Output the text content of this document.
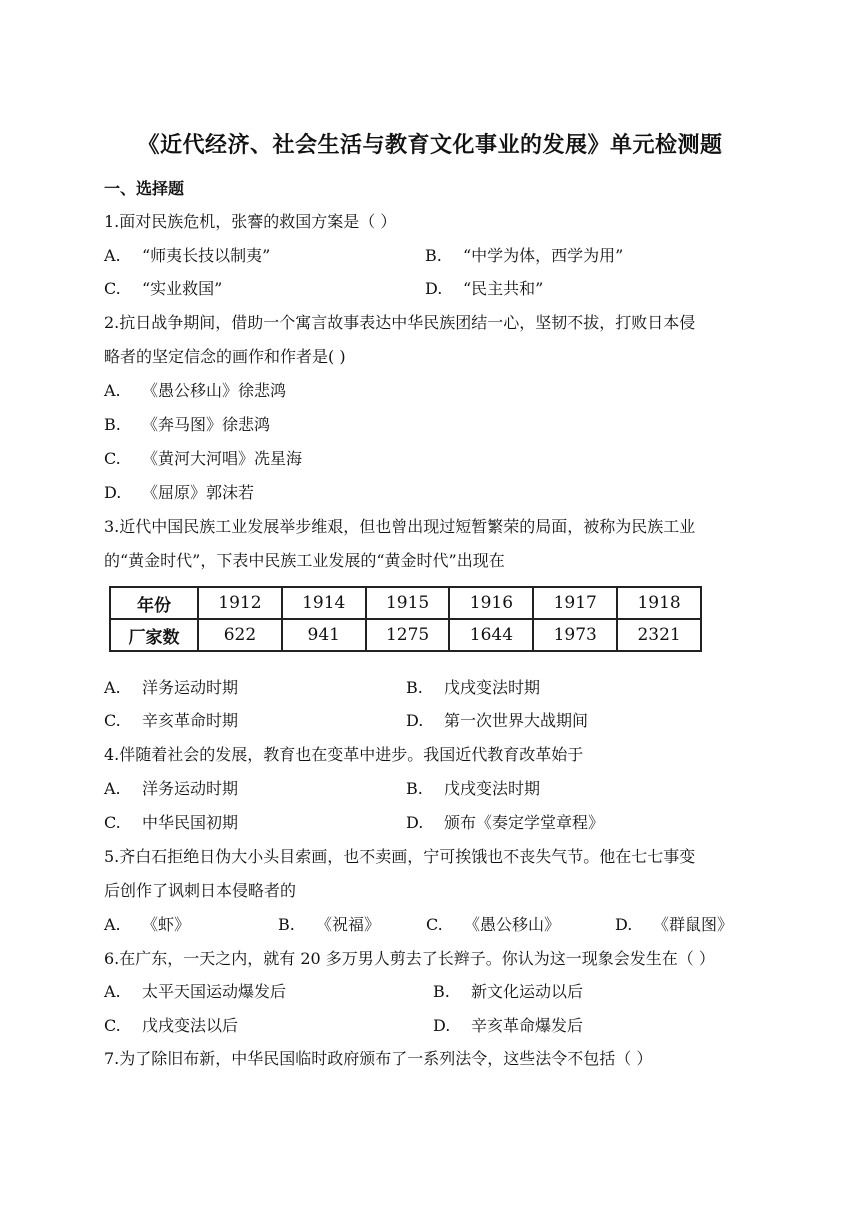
《近代经济、社会生活与教育文化事业的发展》单元检测题
一、选择题
1.面对民族危机，张謇的救国方案是（ ）
A. “师夷长技以制夷”	B. “中学为体，西学为用”
C. “实业救国”	D. “民主共和”
2.抗日战争期间，借助一个寓言故事表达中华民族团结一心，坚韧不拔，打败日本侵
略者的坚定信念的画作和作者是( )
A. 《愚公移山》徐悲鸿
B. 《奔马图》徐悲鸿
C. 《黄河大河唱》冼星海
D. 《屈原》郭沫若
3.近代中国民族工业发展举步维艰，但也曾出现过短暂繁荣的局面，被称为民族工业
的“黄金时代”，下表中民族工业发展的“黄金时代”出现在
年份	1912	1914	1915	1916	1917	1918
厂家数	622	941	1275	1644	1973	2321
A. 洋务运动时期	B. 戊戌变法时期
C. 辛亥革命时期	D. 第一次世界大战期间
4.伴随着社会的发展，教育也在变革中进步。我国近代教育改革始于
A. 洋务运动时期	B. 戊戌变法时期
C. 中华民国初期	D. 颁布《奏定学堂章程》
5.齐白石拒绝日伪大小头目索画，也不卖画，宁可挨饿也不丧失气节。他在七七事变
后创作了讽刺日本侵略者的
A. 《虾》	B. 《祝福》	C. 《愚公移山》	D. 《群鼠图》
6.在广东，一天之内，就有 20 多万男人剪去了长辫子。你认为这一现象会发生在（ ）
A. 太平天国运动爆发后	B. 新文化运动以后
C. 戊戌变法以后	D. 辛亥革命爆发后
7.为了除旧布新，中华民国临时政府颁布了一系列法令，这些法令不包括（ ）
